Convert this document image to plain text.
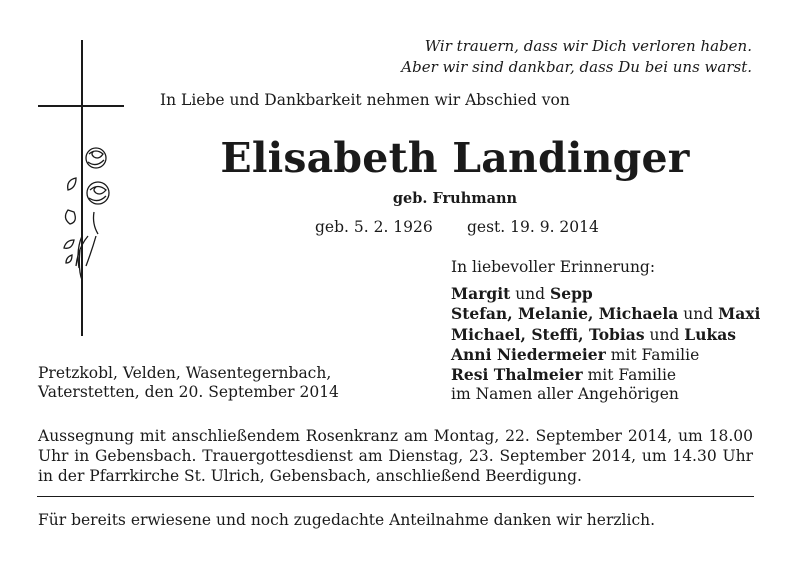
Wir trauern, dass wir Dich verloren haben.
Aber wir sind dankbar, dass Du bei uns warst.
In Liebe und Dankbarkeit nehmen wir Abschied von
Elisabeth Landinger
geb. Fruhmann
geb. 5. 2. 1926 gest. 19. 9. 2014
In liebevoller Erinnerung:
Margit und Sepp
Stefan, Melanie, Michaela und Maxi
Michael, Steffi, Tobias und Lukas
Anni Niedermeier mit Familie
Resi Thalmeier mit Familie
im Namen aller Angehörigen
Pretzkobl, Velden, Wasentegernbach,
Vaterstetten, den 20. September 2014
Aussegnung mit anschließendem Rosenkranz am Montag, 22. September 2014, um 18.00 Uhr in Gebensbach. Trauergottesdienst am Dienstag, 23. September 2014, um 14.30 Uhr in der Pfarrkirche St. Ulrich, Gebensbach, anschließend Beerdigung.
Für bereits erwiesene und noch zugedachte Anteilnahme danken wir herzlich.
